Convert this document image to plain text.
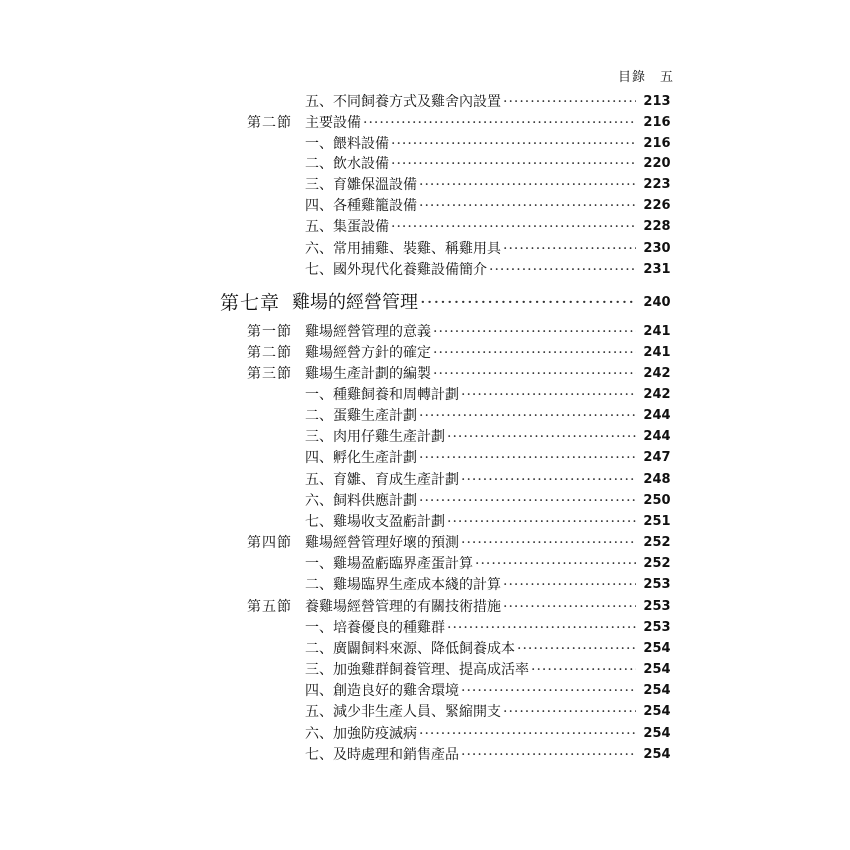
目錄 五
五、不同飼養方式及雞舍內設置 ·····	213
第二節 主要設備 ·····	216
一、餵料設備 ·····	216
二、飲水設備 ·····	220
三、育雛保溫設備 ·····	223
四、各種雞籠設備 ·····	226
五、集蛋設備 ·····	228
六、常用捕雞、裝雞、稱雞用具 ·····	230
七、國外現代化養雞設備簡介 ·····	231
第七章 雞場的經營管理 ·····	240
第一節 雞場經營管理的意義 ·····	241
第二節 雞場經營方針的確定 ·····	241
第三節 雞場生產計劃的編製 ·····	242
一、種雞飼養和周轉計劃 ·····	242
二、蛋雞生產計劃 ·····	244
三、肉用仔雞生產計劃 ·····	244
四、孵化生產計劃 ·····	247
五、育雛、育成生產計劃 ·····	248
六、飼料供應計劃 ·····	250
七、雞場收支盈虧計劃 ·····	251
第四節 雞場經營管理好壞的預測 ·····	252
一、雞場盈虧臨界產蛋計算 ·····	252
二、雞場臨界生產成本綫的計算 ·····	253
第五節 養雞場經營管理的有關技術措施 ·····	253
一、培養優良的種雞群 ·····	253
二、廣闢飼料來源、降低飼養成本 ·····	254
三、加強雞群飼養管理、提高成活率 ·····	254
四、創造良好的雞舍環境 ·····	254
五、減少非生產人員、緊縮開支 ·····	254
六、加強防疫滅病 ·····	254
七、及時處理和銷售產品 ·····	254
